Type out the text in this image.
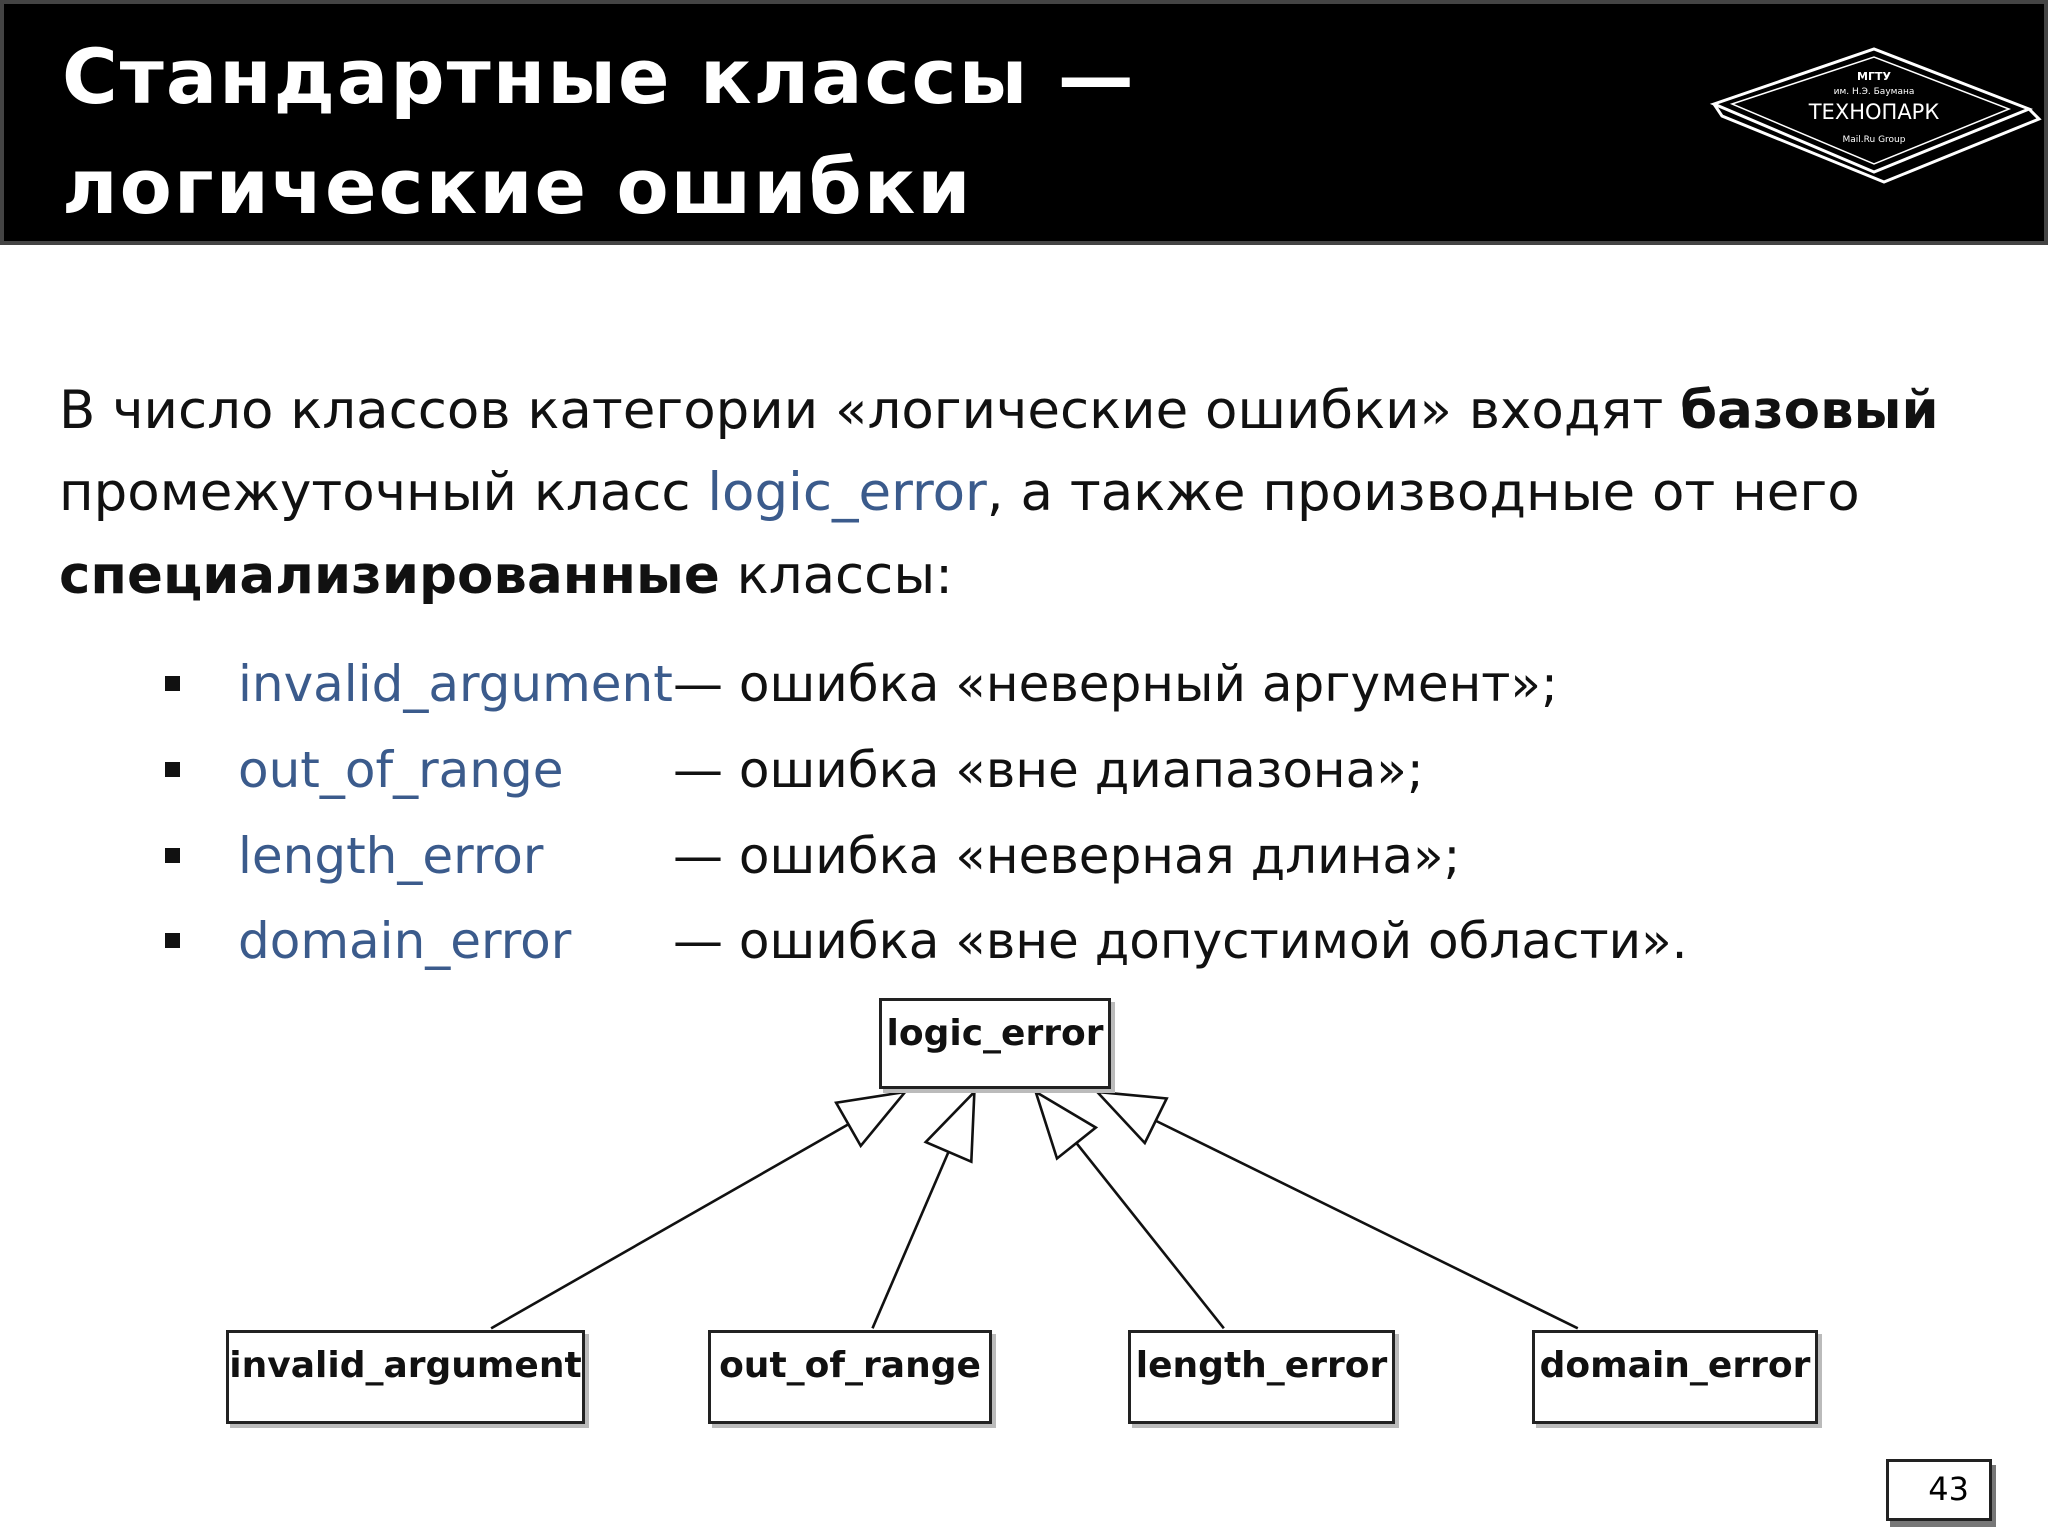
Стандартные классы —
логические ошибки
МГТУ
им. Н.Э. Баумана
ТЕХНОПАРК
Mail.Ru Group
В число классов категории «логические ошибки» входят базовый
промежуточный класс logic_error, а также производные от него
специализированные классы:
invalid_argument — ошибка «неверный аргумент»;
out_of_range — ошибка «вне диапазона»;
length_error	— ошибка «неверная длина»;
domain_error — ошибка «вне допустимой области».
logic_error
invalid_argument	out_of_range	length_error	domain_error
43
